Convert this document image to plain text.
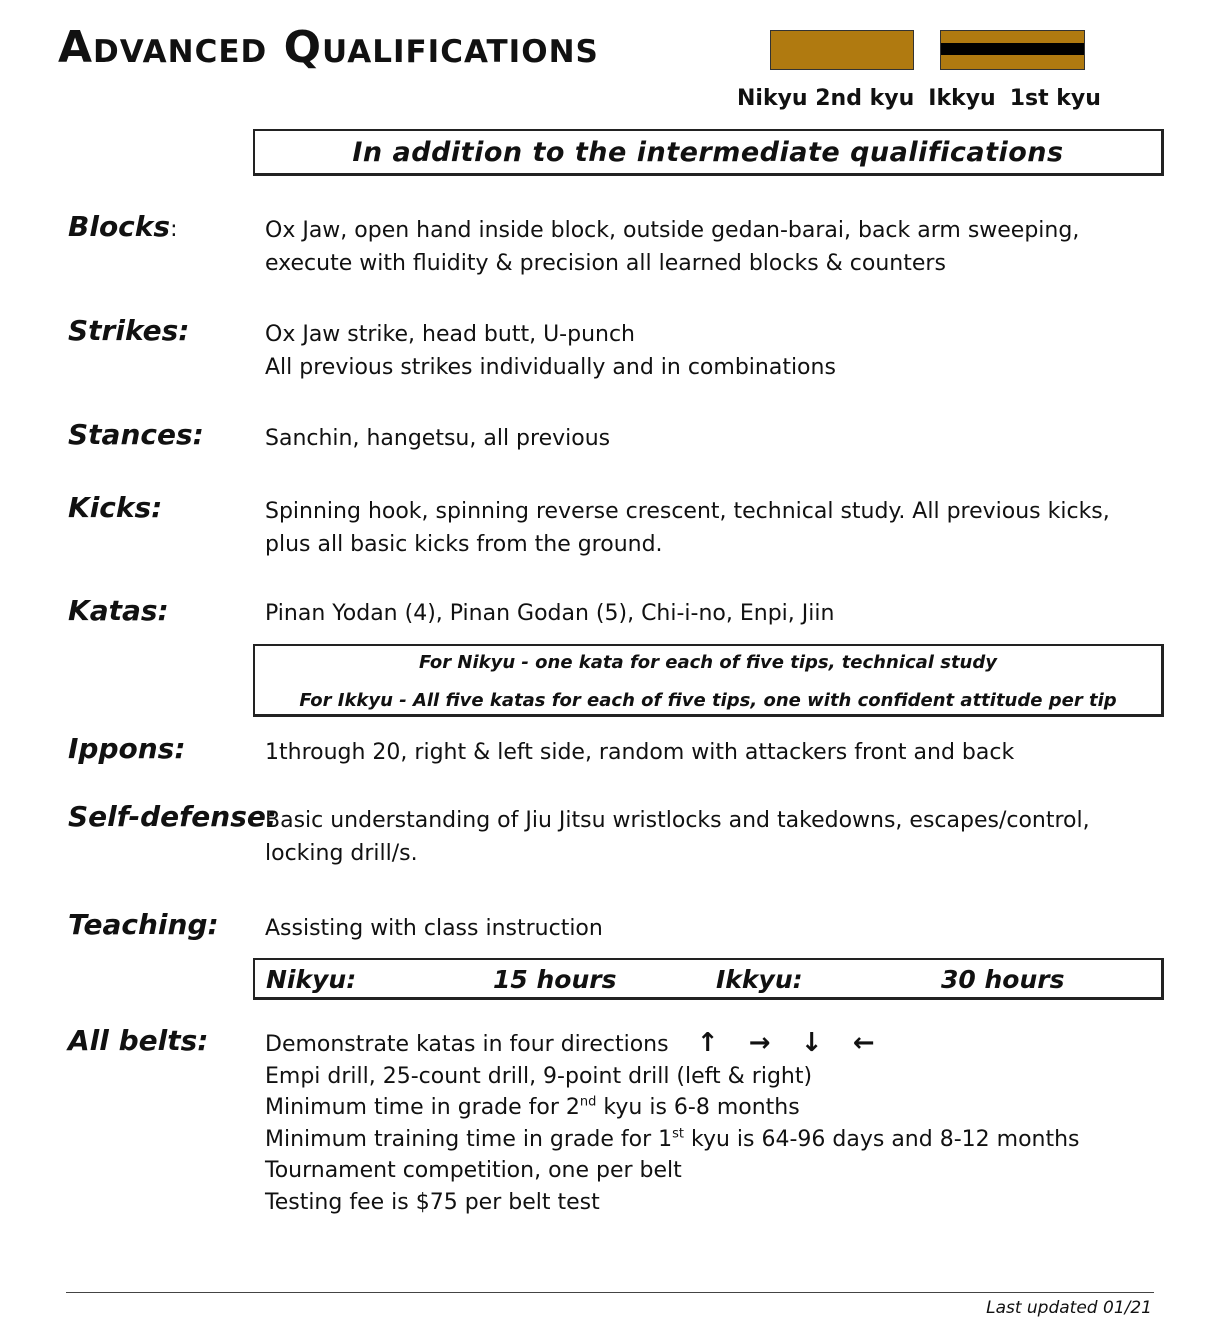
Advanced Qualifications
Nikyu 2nd kyu Ikkyu 1st kyu
In addition to the intermediate qualifications
Blocks:	Ox Jaw, open hand inside block, outside gedan-barai, back arm sweeping,
execute with fluidity & precision all learned blocks & counters
Strikes:	Ox Jaw strike, head butt, U-punch
All previous strikes individually and in combinations
Stances:	Sanchin, hangetsu, all previous
Kicks:	Spinning hook, spinning reverse crescent, technical study. All previous kicks,
plus all basic kicks from the ground.
Katas:	Pinan Yodan (4), Pinan Godan (5), Chi-i-no, Enpi, Jiin
For Nikyu - one kata for each of five tips, technical study
For Ikkyu - All five katas for each of five tips, one with confident attitude per tip
Ippons:	1through 20, right & left side, random with attackers front and back
Self-defense:
Basic understanding of Jiu Jitsu wristlocks and takedowns, escapes/control,
locking drill/s.
Teaching: Assisting with class instruction
Nikyu:	15 hours	Ikkyu:	30 hours
All belts:	Demonstrate katas in four directions ↑ → ↓ ←
Empi drill, 25-count drill, 9-point drill (left & right)
Minimum time in grade for 2nd kyu is 6-8 months
Minimum training time in grade for 1st kyu is 64-96 days and 8-12 months
Tournament competition, one per belt
Testing fee is $75 per belt test
Last updated 01/21
